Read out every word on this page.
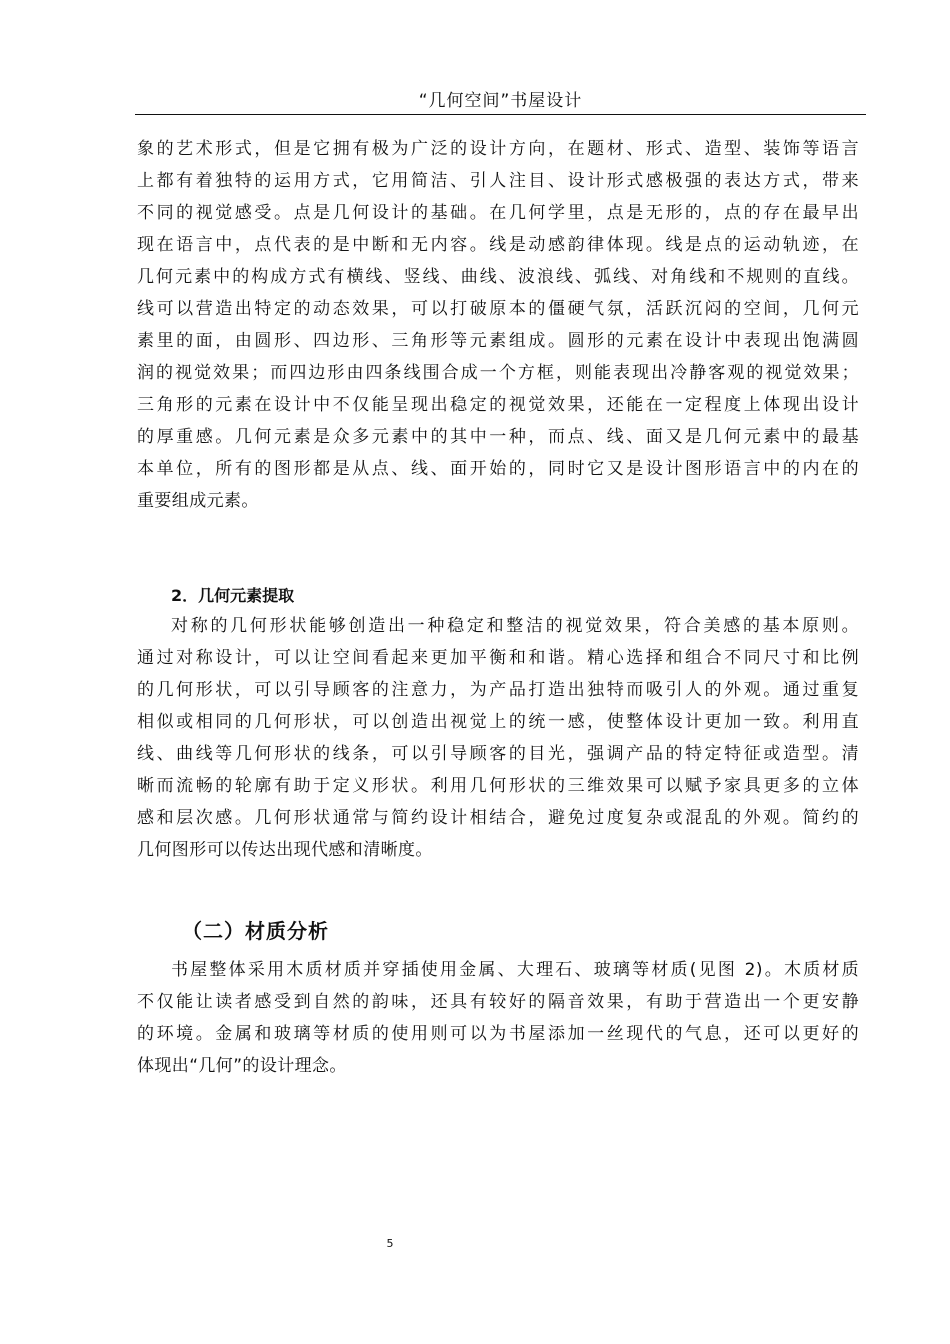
“几何空间”书屋设计
象的艺术形式，但是它拥有极为广泛的设计方向，在题材、形式、造型、装饰等语言
上都有着独特的运用方式，它用简洁、引人注目、设计形式感极强的表达方式，带来
不同的视觉感受。点是几何设计的基础。在几何学里，点是无形的，点的存在最早出
现在语言中，点代表的是中断和无内容。线是动感韵律体现。线是点的运动轨迹，在
几何元素中的构成方式有横线、竖线、曲线、波浪线、弧线、对角线和不规则的直线。
线可以营造出特定的动态效果，可以打破原本的僵硬气氛，活跃沉闷的空间，几何元
素里的面，由圆形、四边形、三角形等元素组成。圆形的元素在设计中表现出饱满圆
润的视觉效果；而四边形由四条线围合成一个方框，则能表现出冷静客观的视觉效果；
三角形的元素在设计中不仅能呈现出稳定的视觉效果，还能在一定程度上体现出设计
的厚重感。几何元素是众多元素中的其中一种，而点、线、面又是几何元素中的最基
本单位，所有的图形都是从点、线、面开始的，同时它又是设计图形语言中的内在的
重要组成元素。
2．几何元素提取
对称的几何形状能够创造出一种稳定和整洁的视觉效果，符合美感的基本原则。
通过对称设计，可以让空间看起来更加平衡和和谐。精心选择和组合不同尺寸和比例
的几何形状，可以引导顾客的注意力，为产品打造出独特而吸引人的外观。通过重复
相似或相同的几何形状，可以创造出视觉上的统一感，使整体设计更加一致。利用直
线、曲线等几何形状的线条，可以引导顾客的目光，强调产品的特定特征或造型。清
晰而流畅的轮廓有助于定义形状。利用几何形状的三维效果可以赋予家具更多的立体
感和层次感。几何形状通常与简约设计相结合，避免过度复杂或混乱的外观。简约的
几何图形可以传达出现代感和清晰度。
（二）材质分析
书屋整体采用木质材质并穿插使用金属、大理石、玻璃等材质(见图 2)。木质材质
不仅能让读者感受到自然的韵味，还具有较好的隔音效果，有助于营造出一个更安静
的环境。金属和玻璃等材质的使用则可以为书屋添加一丝现代的气息，还可以更好的
体现出“几何”的设计理念。
5
